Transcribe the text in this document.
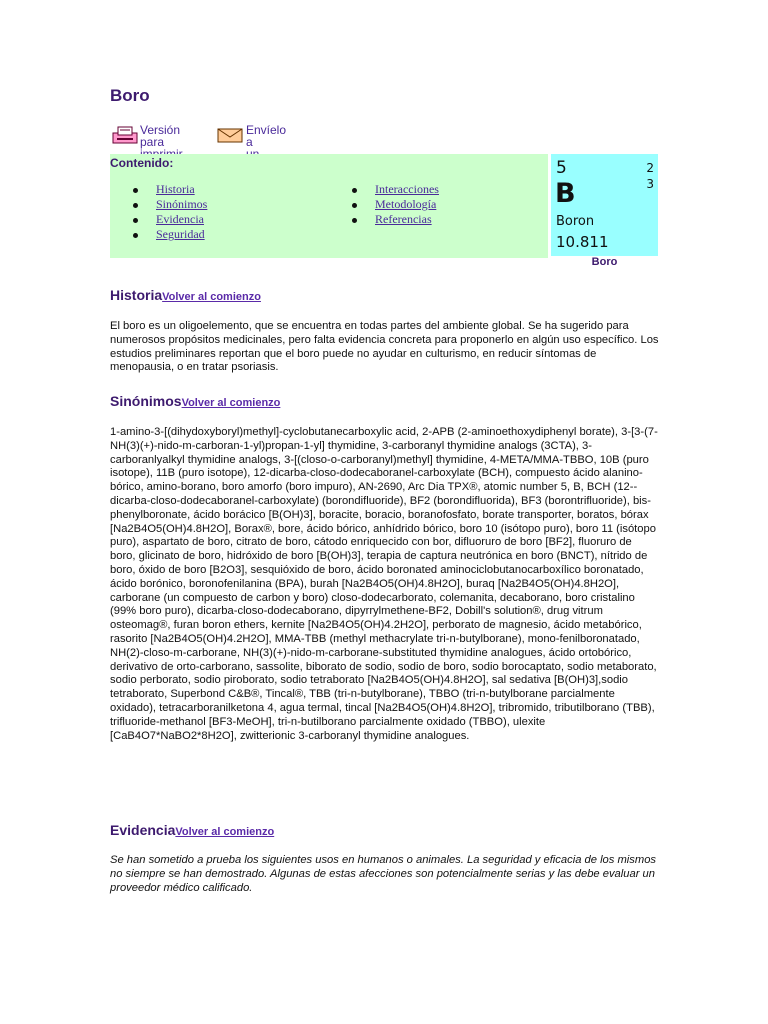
Boro
Versión para

Envíelo a

Contenido:
Historia
Sinónimos
Evidencia
Seguridad
Interacciones
Metodología
Referencias
5	2
3
B
Boron
10.811
Boro
HistoriaVolver al comienzo

El boro es un oligoelemento, que se encuentra en todas partes del ambiente global. Se ha sugerido para numerosos propósitos medicinales, pero falta evidencia concreta para proponerlo en algún uso específico. Los estudios preliminares reportan que el boro puede no ayudar en culturismo, en reducir síntomas de menopausia, o en tratar psoriasis.

SinónimosVolver al comienzo

1-amino-3-[(dihydoxyboryl)methyl]-cyclobutanecarboxylic acid, 2-APB (2-aminoethoxydiphenyl borate), 3-[3-(7-NH(3)(+)-nido-m-carboran-1-yl)propan-1-yl] thymidine, 3-carboranyl thymidine analogs (3CTA), 3-carboranlyalkyl thymidine analogs, 3-[(closo-o-carboranyl)methyl] thymidine, 4-META/MMA-TBBO, 10B (puro isotope), 11B (puro isotope), 12-dicarba-closo-dodecaboranel-carboxylate (BCH), compuesto ácido alanino-bórico, amino-borano, boro amorfo (boro impuro), AN-2690, Arc Dia TPX®, atomic number 5, B, BCH (12--dicarba-closo-dodecaboranel-carboxylate) (borondifluoride), BF2 (borondifluorida), BF3 (borontrifluoride), bis-phenylboronate, ácido borácico [B(OH)3], boracite, boracio, boranofosfato, borate transporter, boratos, bórax [Na2B4O5(OH)4.8H2O], Borax®, bore, ácido bórico, anhídrido bórico, boro 10 (isótopo puro), boro 11 (isótopo puro), aspartato de boro, citrato de boro, cátodo enriquecido con bor, difluoruro de boro [BF2], fluoruro de boro, glicinato de boro, hidróxido de boro [B(OH)3], terapia de captura neutrónica en boro (BNCT), nítrido de boro, óxido de boro [B2O3], sesquióxido de boro, ácido boronated aminociclobutanocarboxílico boronatado, ácido borónico, boronofenilanina (BPA), burah [Na2B4O5(OH)4.8H2O], buraq [Na2B4O5(OH)4.8H2O], carborane (un compuesto de carbon y boro) closo-dodecarborato, colemanita, decaborano, boro cristalino (99% boro puro), dicarba-closo-dodecaborano, dipyrrylmethene-BF2, Dobill's solution®, drug vitrum osteomag®, furan boron ethers, kernite [Na2B4O5(OH)4.2H2O], perborato de magnesio, ácido metabórico, rasorito [Na2B4O5(OH)4.2H2O], MMA-TBB (methyl methacrylate tri-n-butylborane), mono-fenilboronatado, NH(2)-closo-m-carborane, NH(3)(+)-nido-m-carborane-substituted thymidine analogues, ácido ortobórico, derivativo de orto-carborano, sassolite, biborato de sodio, sodio de boro, sodio borocaptato, sodio metaborato, sodio perborato, sodio piroborato, sodio tetraborato [Na2B4O5(OH)4.8H2O], sal sedativa [B(OH)3],sodio tetraborato, Superbond C&B®, Tincal®, TBB (tri-n-butylborane), TBBO (tri-n-butylborane parcialmente oxidado), tetracarboranilketona 4, agua termal, tincal [Na2B4O5(OH)4.8H2O], tribromido, tributilborano (TBB), trifluoride-methanol [BF3-MeOH], tri-n-butilborano parcialmente oxidado (TBBO), ulexite [CaB4O7*NaBO2*8H2O], zwitterionic 3-carboranyl thymidine analogues.

EvidenciaVolver al comienzo

Se han sometido a prueba los siguientes usos en humanos o animales. La seguridad y eficacia de los mismos no siempre se han demostrado. Algunas de estas afecciones son potencialmente serias y las debe evaluar un proveedor médico calificado.
